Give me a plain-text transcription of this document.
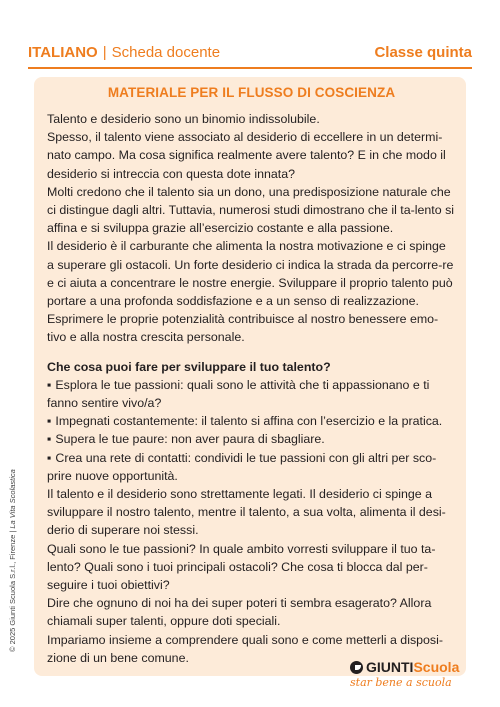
ITALIANO | Scheda docente	Classe quinta
MATERIALE PER IL FLUSSO DI COSCIENZA

Talento e desiderio sono un binomio indissolubile.

Spesso, il talento viene associato al desiderio di eccellere in un determi-nato campo. Ma cosa significa realmente avere talento? E in che modo il desiderio si intreccia con questa dote innata?

Molti credono che il talento sia un dono, una predisposizione naturale che ci distingue dagli altri. Tuttavia, numerosi studi dimostrano che il ta-lento si affina e si sviluppa grazie all’esercizio costante e alla passione.

Il desiderio è il carburante che alimenta la nostra motivazione e ci spinge a superare gli ostacoli. Un forte desiderio ci indica la strada da percorre-re e ci aiuta a concentrare le nostre energie. Sviluppare il proprio talento può portare a una profonda soddisfazione e a un senso di realizzazione.

Esprimere le proprie potenzialità contribuisce al nostro benessere emo-tivo e alla nostra crescita personale.

Che cosa puoi fare per sviluppare il tuo talento?

▪ Esplora le tue passioni: quali sono le attività che ti appassionano e ti fanno sentire vivo/a?

▪ Impegnati costantemente: il talento si affina con l’esercizio e la pratica.

▪ Supera le tue paure: non aver paura di sbagliare.

▪ Crea una rete di contatti: condividi le tue passioni con gli altri per sco-prire nuove opportunità.

Il talento e il desiderio sono strettamente legati. Il desiderio ci spinge a sviluppare il nostro talento, mentre il talento, a sua volta, alimenta il desi-derio di superare noi stessi.

Quali sono le tue passioni? In quale ambito vorresti sviluppare il tuo ta-lento? Quali sono i tuoi principali ostacoli? Che cosa ti blocca dal per-seguire i tuoi obiettivi?

Dire che ognuno di noi ha dei super poteri ti sembra esagerato? Allora chiamali super talenti, oppure doti speciali.

Impariamo insieme a comprendere quali sono e come metterli a disposi-zione di un bene comune.

© 2025 Giunti Scuola S.r.l., Firenze | La Vita Scolastica
GIUNTI Scuola
star bene a scuola
